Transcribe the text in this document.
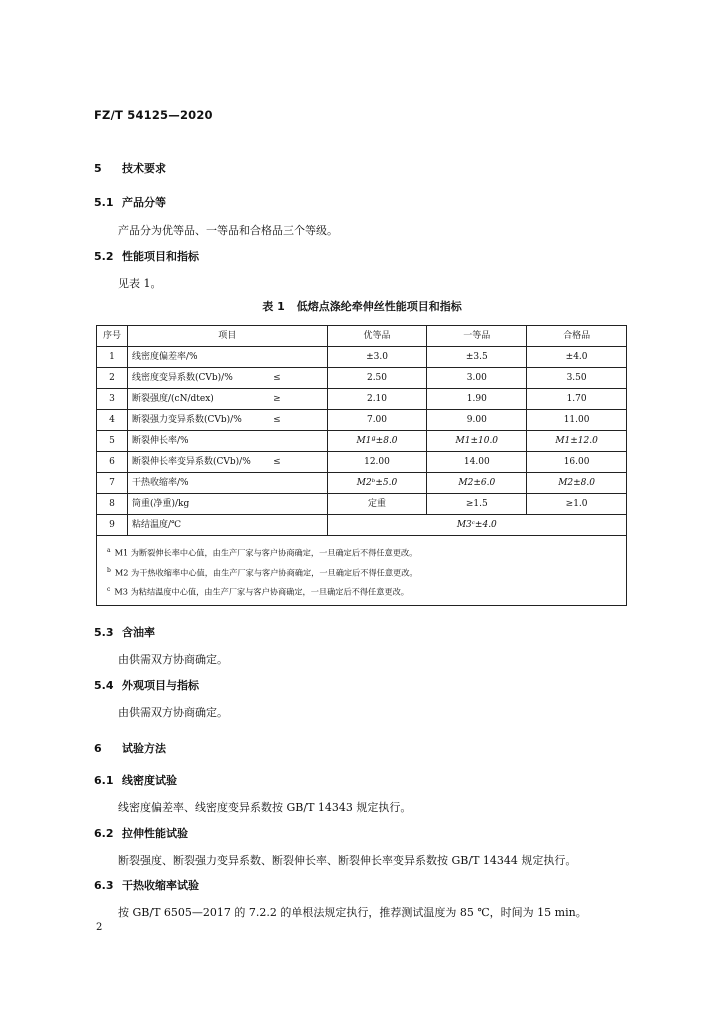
FZ/T 54125—2020
5 技术要求
5.1 产品分等
产品分为优等品、一等品和合格品三个等级。
5.2 性能项目和指标
见表 1。
表 1 低熔点涤纶牵伸丝性能项目和指标
序号	项目		优等品	一等品	合格品
1	线密度偏差率/%		±3.0	±3.5	±4.0
2	线密度变异系数(CVb)/%	≤	2.50	3.00	3.50
3	断裂强度/(cN/dtex)	≥	2.10	1.90	1.70
4	断裂强力变异系数(CVb)/%	≤	7.00	9.00	11.00
5	断裂伸长率/%		M1ª±8.0	M1±10.0	M1±12.0
6	断裂伸长率变异系数(CVb)/%	≤	12.00	14.00	16.00
7	干热收缩率/%		M2ᵇ±5.0	M2±6.0	M2±8.0
8	筒重(净重)/kg		定重	≥1.5	≥1.0
9	粘结温度/℃		M3ᶜ±4.0		

$^a$ M1 为断裂伸长率中心值，由生产厂家与客户协商确定，一旦确定后不得任意更改。
$^b$ M2 为干热收缩率中心值，由生产厂家与客户协商确定，一旦确定后不得任意更改。
$^c$ M3 为粘结温度中心值，由生产厂家与客户协商确定，一旦确定后不得任意更改。					
5.3 含油率
由供需双方协商确定。
5.4 外观项目与指标
由供需双方协商确定。
6 试验方法
6.1 线密度试验
线密度偏差率、线密度变异系数按 GB/T 14343 规定执行。
6.2 拉伸性能试验
断裂强度、断裂强力变异系数、断裂伸长率、断裂伸长率变异系数按 GB/T 14344 规定执行。
6.3 干热收缩率试验
按 GB/T 6505—2017 的 7.2.2 的单根法规定执行，推荐测试温度为 85 ℃，时间为 15 min。
2
